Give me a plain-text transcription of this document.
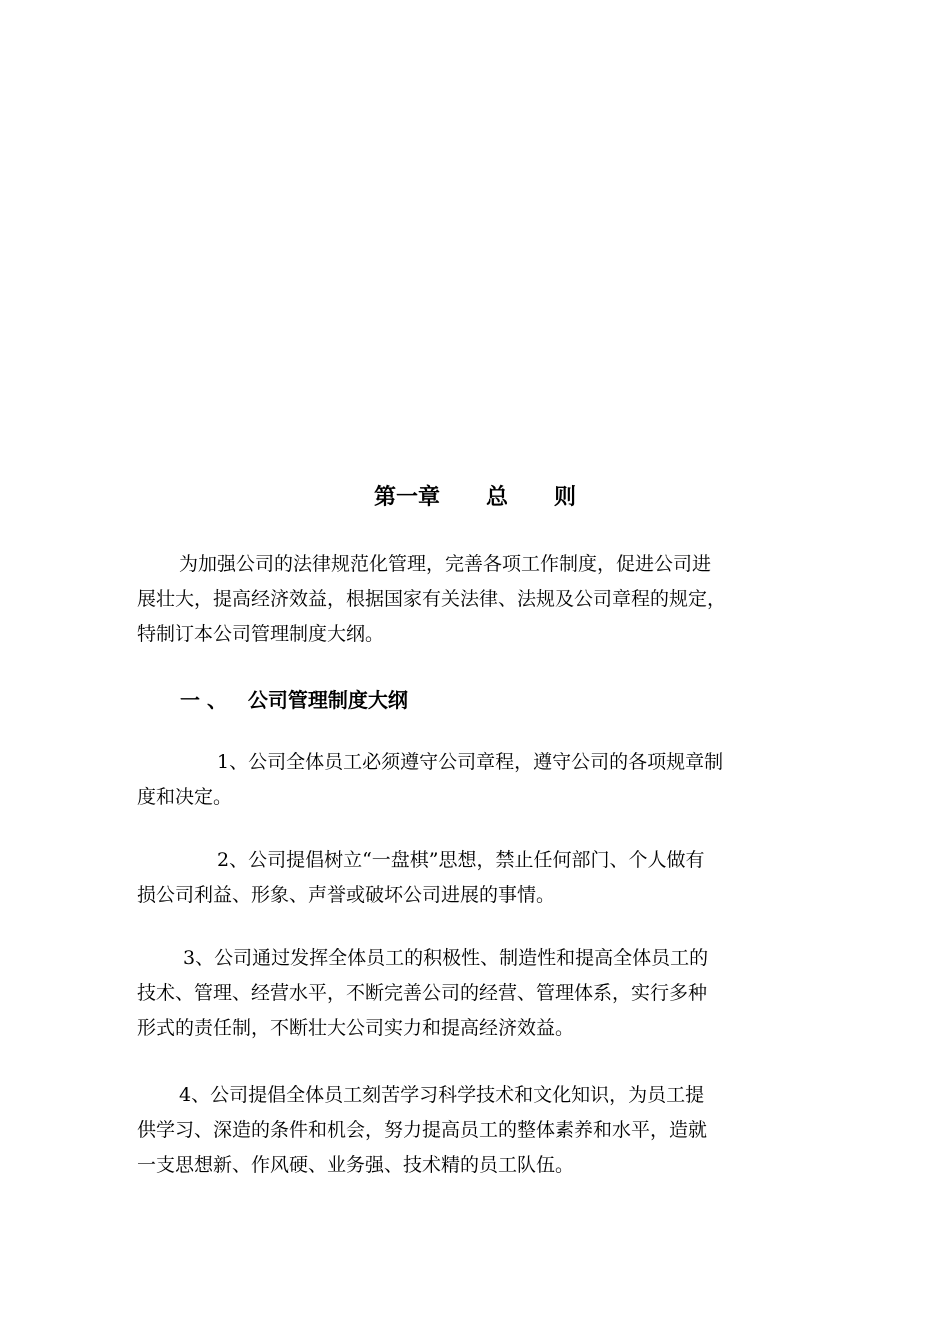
第一章      总      则

为加强公司的法律规范化管理，完善各项工作制度，促进公司进
展壮大，提高经济效益，根据国家有关法律、法规及公司章程的规定，
特制订本公司管理制度大纲。

一 、   公司管理制度大纲

1、公司全体员工必须遵守公司章程，遵守公司的各项规章制
度和决定。

2、公司提倡树立“一盘棋”思想，禁止任何部门、个人做有
损公司利益、形象、声誉或破坏公司进展的事情。

3、公司通过发挥全体员工的积极性、制造性和提高全体员工的
技术、管理、经营水平，不断完善公司的经营、管理体系，实行多种
形式的责任制，不断壮大公司实力和提高经济效益。

4、公司提倡全体员工刻苦学习科学技术和文化知识，为员工提
供学习、深造的条件和机会，努力提高员工的整体素养和水平，造就
一支思想新、作风硬、业务强、技术精的员工队伍。
